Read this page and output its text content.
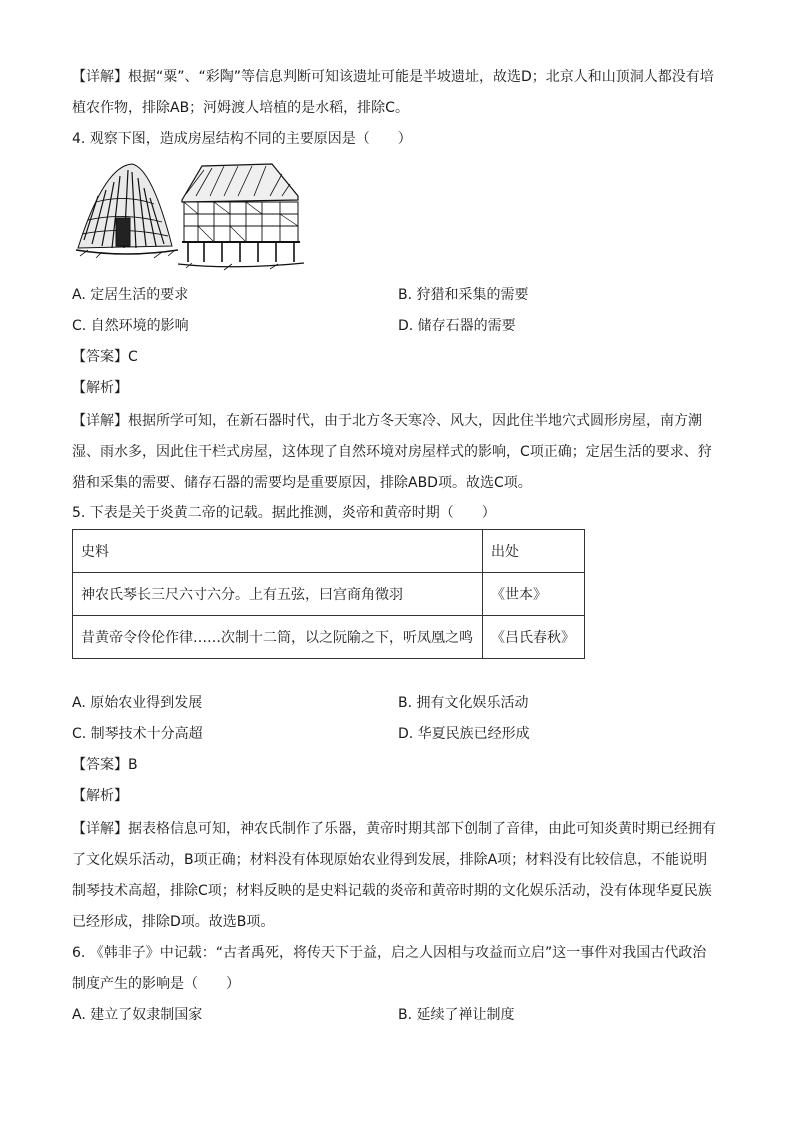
【详解】根据“粟”、“彩陶”等信息判断可知该遗址可能是半坡遗址，故选D；北京人和山顶洞人都没有培
植农作物，排除AB；河姆渡人培植的是水稻，排除C。
4. 观察下图，造成房屋结构不同的主要原因是（　　）
A. 定居生活的要求	B. 狩猎和采集的需要
C. 自然环境的影响	D. 储存石器的需要
【答案】C
【解析】
【详解】根据所学可知，在新石器时代，由于北方冬天寒冷、风大，因此住半地穴式圆形房屋，南方潮
湿、雨水多，因此住干栏式房屋，这体现了自然环境对房屋样式的影响，C项正确；定居生活的要求、狩
猎和采集的需要、储存石器的需要均是重要原因，排除ABD项。故选C项。
5. 下表是关于炎黄二帝的记载。据此推测，炎帝和黄帝时期（　　）
史料	出处
神农氏琴长三尺六寸六分。上有五弦，曰宫商角徵羽	《世本》
昔黄帝令伶伦作律……次制十二筒，以之阮隃之下，听凤凰之鸣	《吕氏春秋》
A. 原始农业得到发展	B. 拥有文化娱乐活动
C. 制琴技术十分高超	D. 华夏民族已经形成
【答案】B
【解析】
【详解】据表格信息可知，神农氏制作了乐器，黄帝时期其部下创制了音律，由此可知炎黄时期已经拥有
了文化娱乐活动，B项正确；材料没有体现原始农业得到发展，排除A项；材料没有比较信息，不能说明
制琴技术高超，排除C项；材料反映的是史料记载的炎帝和黄帝时期的文化娱乐活动，没有体现华夏民族
已经形成，排除D项。故选B项。
6. 《韩非子》中记载：“古者禹死，将传天下于益，启之人因相与攻益而立启”这一事件对我国古代政治
制度产生的影响是（　　）
A. 建立了奴隶制国家	B. 延续了禅让制度
